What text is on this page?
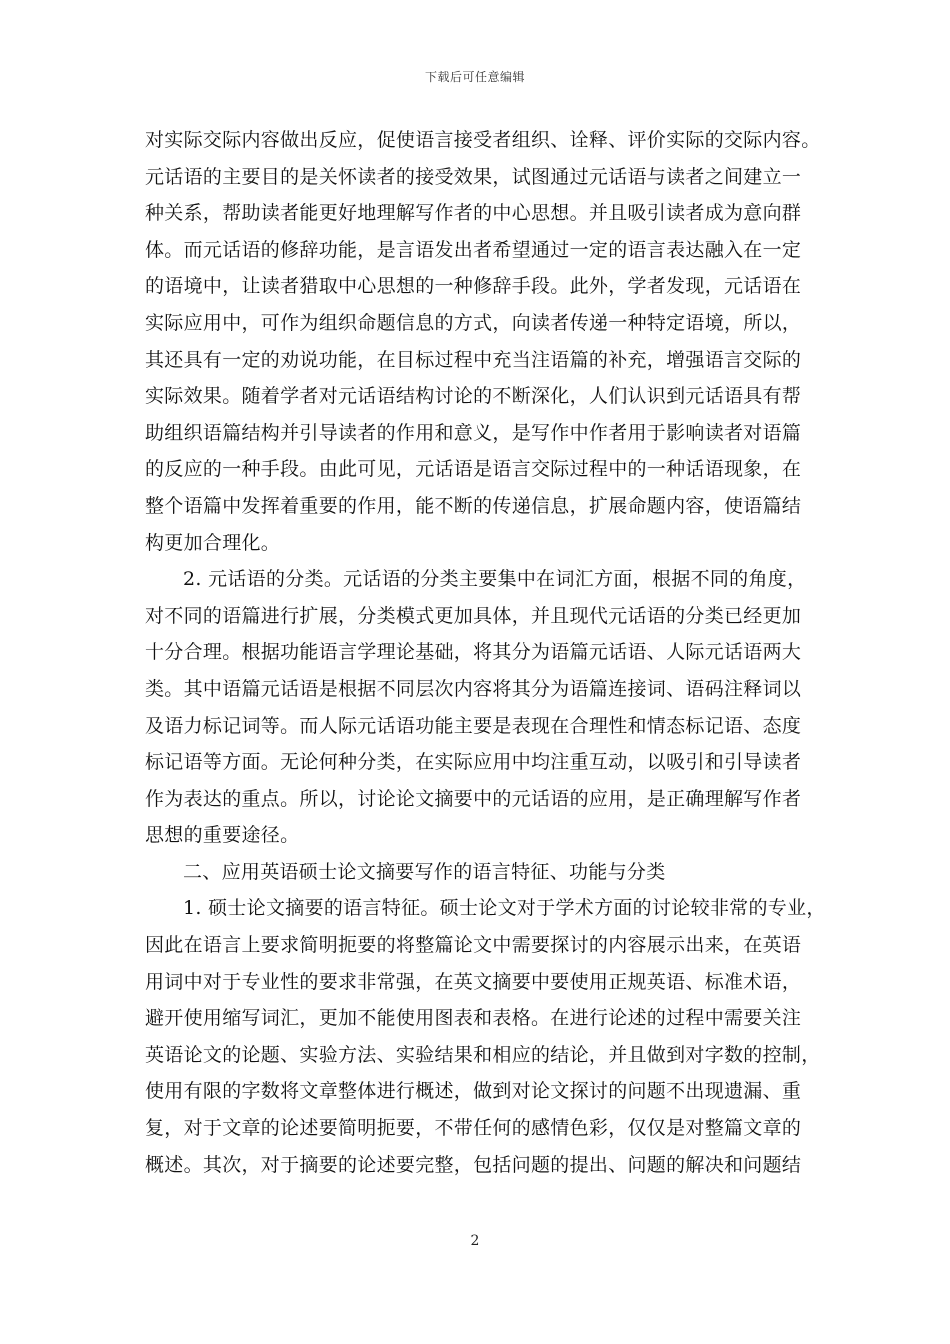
下载后可任意编辑
对实际交际内容做出反应，促使语言接受者组织、诠释、评价实际的交际内容。
元话语的主要目的是关怀读者的接受效果，试图通过元话语与读者之间建立一
种关系，帮助读者能更好地理解写作者的中心思想。并且吸引读者成为意向群
体。而元话语的修辞功能，是言语发出者希望通过一定的语言表达融入在一定
的语境中，让读者猎取中心思想的一种修辞手段。此外，学者发现，元话语在
实际应用中，可作为组织命题信息的方式，向读者传递一种特定语境，所以，
其还具有一定的劝说功能，在目标过程中充当注语篇的补充，增强语言交际的
实际效果。随着学者对元话语结构讨论的不断深化，人们认识到元话语具有帮
助组织语篇结构并引导读者的作用和意义，是写作中作者用于影响读者对语篇
的反应的一种手段。由此可见，元话语是语言交际过程中的一种话语现象，在
整个语篇中发挥着重要的作用，能不断的传递信息，扩展命题内容，使语篇结
构更加合理化。
2. 元话语的分类。元话语的分类主要集中在词汇方面，根据不同的角度，
对不同的语篇进行扩展，分类模式更加具体，并且现代元话语的分类已经更加
十分合理。根据功能语言学理论基础，将其分为语篇元话语、人际元话语两大
类。其中语篇元话语是根据不同层次内容将其分为语篇连接词、语码注释词以
及语力标记词等。而人际元话语功能主要是表现在合理性和情态标记语、态度
标记语等方面。无论何种分类，在实际应用中均注重互动，以吸引和引导读者
作为表达的重点。所以，讨论论文摘要中的元话语的应用，是正确理解写作者
思想的重要途径。
二、应用英语硕士论文摘要写作的语言特征、功能与分类
1. 硕士论文摘要的语言特征。硕士论文对于学术方面的讨论较非常的专业，
因此在语言上要求简明扼要的将整篇论文中需要探讨的内容展示出来，在英语
用词中对于专业性的要求非常强，在英文摘要中要使用正规英语、标准术语，
避开使用缩写词汇，更加不能使用图表和表格。在进行论述的过程中需要关注
英语论文的论题、实验方法、实验结果和相应的结论，并且做到对字数的控制，
使用有限的字数将文章整体进行概述，做到对论文探讨的问题不出现遗漏、重
复，对于文章的论述要简明扼要，不带任何的感情色彩，仅仅是对整篇文章的
概述。其次，对于摘要的论述要完整，包括问题的提出、问题的解决和问题结
2
